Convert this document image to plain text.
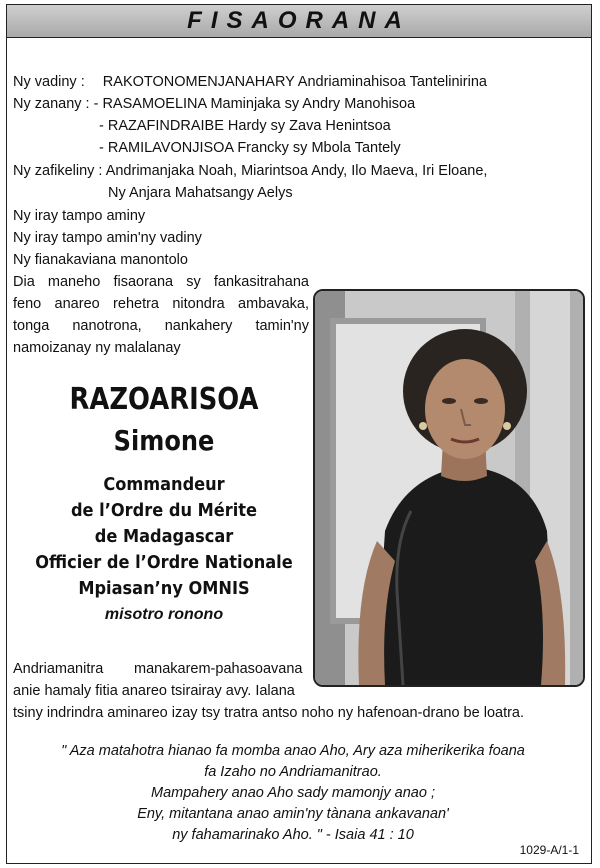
FISAORANA
Ny vadiny : RAKOTONOMENJANAHARY Andriaminahisoa Tantelinirina
Ny zanany : - RASAMOELINA Maminjaka sy Andry Manohisoa
- RAZAFINDRAIBE Hardy sy Zava Henintsoa
- RAMILAVONJISOA Francky sy Mbola Tantely
Ny zafikeliny : Andrimanjaka Noah, Miarintsoa Andy, Ilo Maeva, Iri Eloane,
Ny Anjara Mahatsangy Aelys
Ny iray tampo aminy
Ny iray tampo amin'ny vadiny
Ny fianakaviana manontolo
Dia maneho fisaorana sy fankasitrahana
feno anareo rehetra nitondra ambavaka,
tonga nanotrona, nankahery tamin'ny
namoizanay ny malalanay
RAZOARISOA
Simone
Commandeur
de l’Ordre du Mérite
de Madagascar
Officier de l’Ordre Nationale
Mpiasan’ny OMNIS
misotro ronono
Andriamanitra manakarem-pahasoavana
anie hamaly fitia anareo tsirairay avy. Ialana
tsiny indrindra aminareo izay tsy tratra antso noho ny hafenoan-drano be loatra.
" Aza matahotra hianao fa momba anao Aho, Ary aza miherikerika foana
fa Izaho no Andriamanitrao.
Mampahery anao Aho sady mamonjy anao ;
Eny, mitantana anao amin'ny tànana ankavanan'
ny fahamarinako Aho. " - Isaia 41 : 10
1029-A/1-1
